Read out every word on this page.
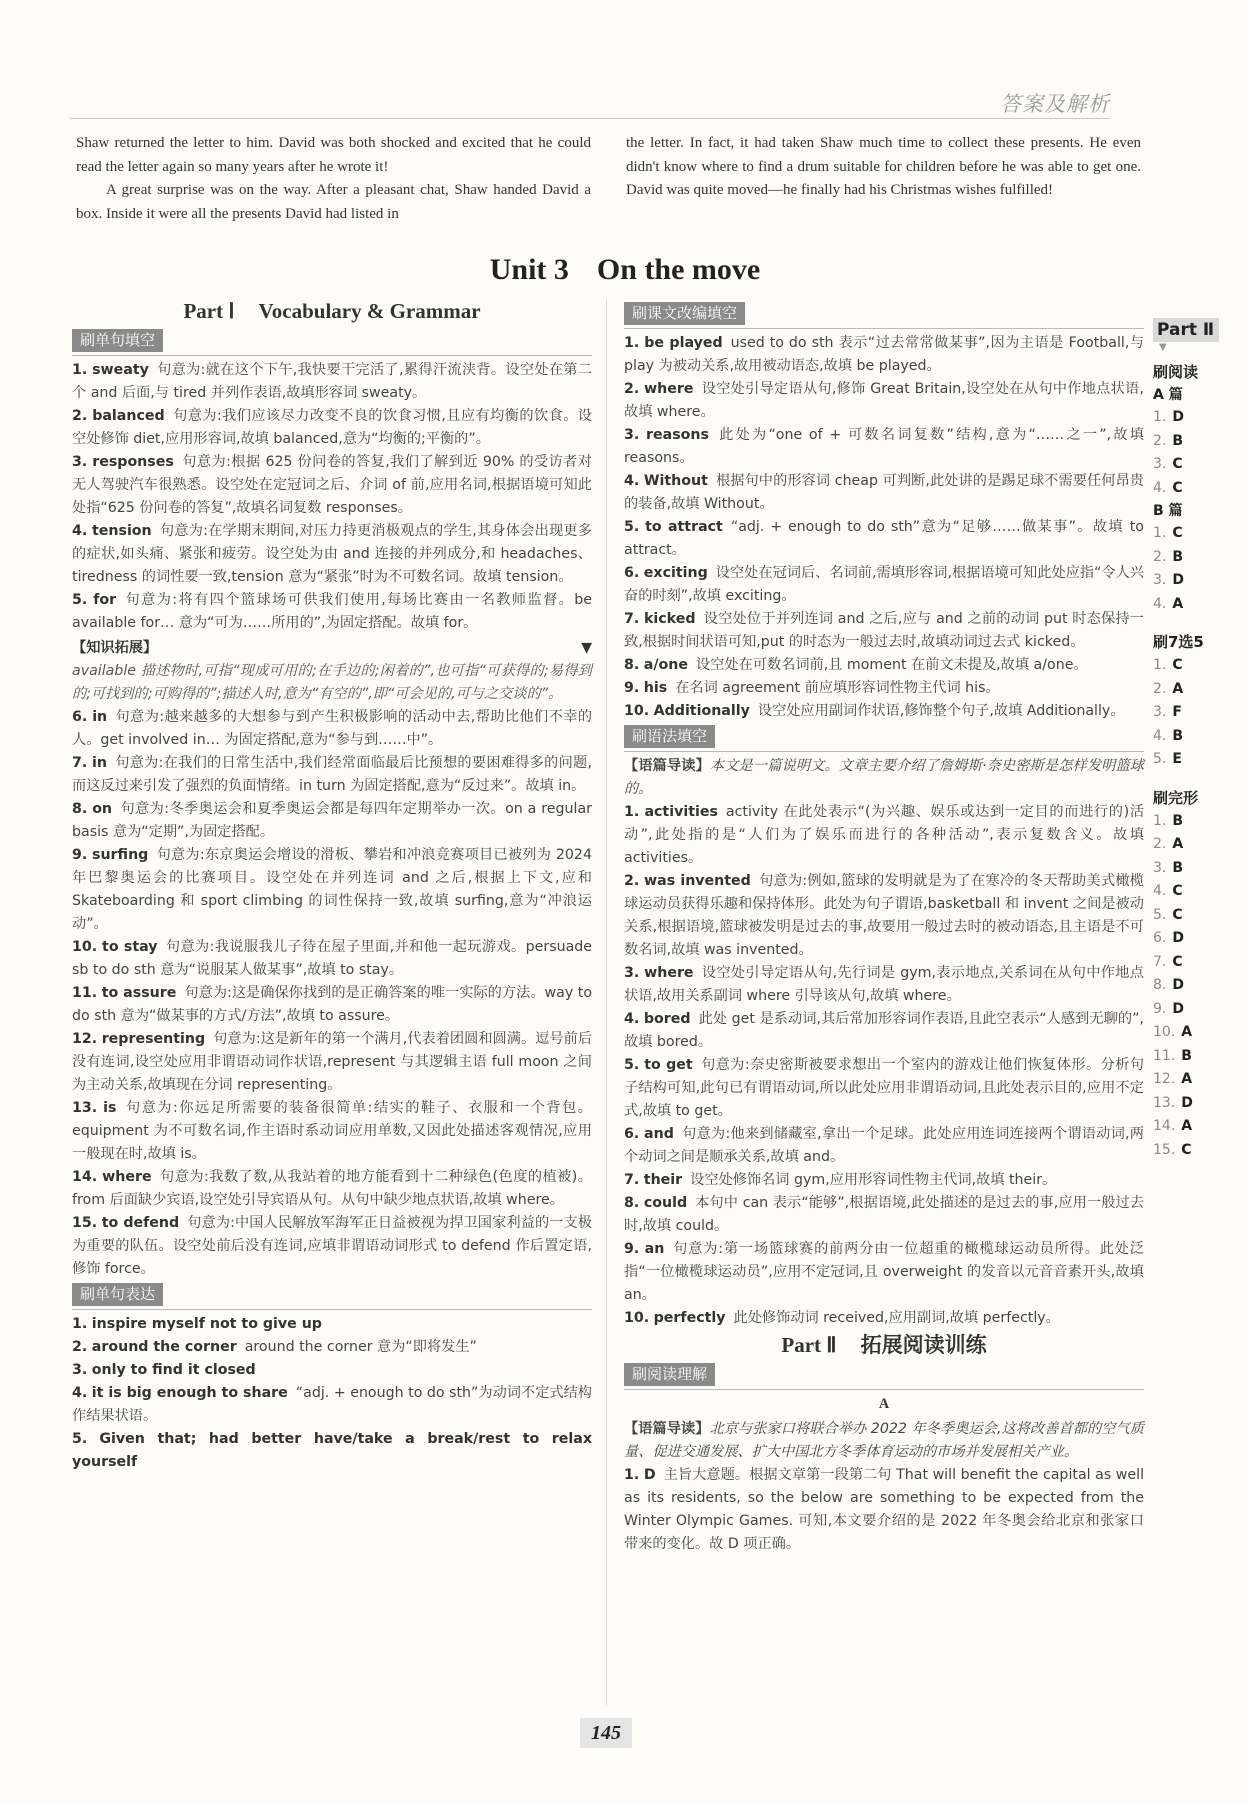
答案及解析

Shaw returned the letter to him. David was both shocked and excited that he could read the letter again so many years after he wrote it!

A great surprise was on the way. After a pleasant chat, Shaw handed David a box. Inside it were all the presents David had listed in

the letter. In fact, it had taken Shaw much time to collect these presents. He even didn't know where to find a drum suitable for children before he was able to get one. David was quite moved—he finally had his Christmas wishes fulfilled!

Unit 3 On the move
Part Ⅰ Vocabulary & Grammar
刷单句填空
1. sweaty 句意为:就在这个下午,我快要干完活了,累得汗流浃背。设空处在第二个 and 后面,与 tired 并列作表语,故填形容词 sweaty。
2. balanced 句意为:我们应该尽力改变不良的饮食习惯,且应有均衡的饮食。设空处修饰 diet,应用形容词,故填 balanced,意为“均衡的;平衡的”。
3. responses 句意为:根据 625 份问卷的答复,我们了解到近 90% 的受访者对无人驾驶汽车很熟悉。设空处在定冠词之后、介词 of 前,应用名词,根据语境可知此处指“625 份问卷的答复”,故填名词复数 responses。
4. tension 句意为:在学期末期间,对压力持更消极观点的学生,其身体会出现更多的症状,如头痛、紧张和疲劳。设空处为由 and 连接的并列成分,和 headaches、tiredness 的词性要一致,tension 意为“紧张”时为不可数名词。故填 tension。
5. for 句意为:将有四个篮球场可供我们使用,每场比赛由一名教师监督。be available for… 意为“可为……所用的”,为固定搭配。故填 for。
【知识拓展】	▼
available 描述物时,可指“现成可用的;在手边的;闲着的”,也可指“可获得的;易得到的;可找到的;可购得的”;描述人时,意为“有空的”,即“可会见的,可与之交谈的”。
6. in 句意为:越来越多的大想参与到产生积极影响的活动中去,帮助比他们不幸的人。get involved in… 为固定搭配,意为“参与到……中”。
7. in 句意为:在我们的日常生活中,我们经常面临最后比预想的要困难得多的问题,而这反过来引发了强烈的负面情绪。in turn 为固定搭配,意为“反过来”。故填 in。
8. on 句意为:冬季奥运会和夏季奥运会都是每四年定期举办一次。on a regular basis 意为“定期”,为固定搭配。
9. surfing 句意为:东京奥运会增设的滑板、攀岩和冲浪竞赛项目已被列为 2024 年巴黎奥运会的比赛项目。设空处在并列连词 and 之后,根据上下文,应和 Skateboarding 和 sport climbing 的词性保持一致,故填 surfing,意为“冲浪运动”。
10. to stay 句意为:我说服我儿子待在屋子里面,并和他一起玩游戏。persuade sb to do sth 意为“说服某人做某事”,故填 to stay。
11. to assure 句意为:这是确保你找到的是正确答案的唯一实际的方法。way to do sth 意为“做某事的方式/方法”,故填 to assure。
12. representing 句意为:这是新年的第一个满月,代表着团圆和圆满。逗号前后没有连词,设空处应用非谓语动词作状语,represent 与其逻辑主语 full moon 之间为主动关系,故填现在分词 representing。
13. is 句意为:你远足所需要的装备很简单:结实的鞋子、衣服和一个背包。equipment 为不可数名词,作主语时系动词应用单数,又因此处描述客观情况,应用一般现在时,故填 is。
14. where 句意为:我数了数,从我站着的地方能看到十二种绿色(色度的植被)。from 后面缺少宾语,设空处引导宾语从句。从句中缺少地点状语,故填 where。
15. to defend 句意为:中国人民解放军海军正日益被视为捍卫国家利益的一支极为重要的队伍。设空处前后没有连词,应填非谓语动词形式 to defend 作后置定语,修饰 force。
刷单句表达
1. inspire myself not to give up
2. around the corner around the corner 意为“即将发生”
3. only to find it closed
4. it is big enough to share “adj. + enough to do sth”为动词不定式结构作结果状语。
5. Given that; had better have/take a break/rest to relax yourself
刷课文改编填空
1. be played used to do sth 表示“过去常常做某事”,因为主语是 Football,与 play 为被动关系,故用被动语态,故填 be played。
2. where 设空处引导定语从句,修饰 Great Britain,设空处在从句中作地点状语,故填 where。
3. reasons 此处为“one of + 可数名词复数”结构,意为“……之一”,故填 reasons。
4. Without 根据句中的形容词 cheap 可判断,此处讲的是踢足球不需要任何昂贵的装备,故填 Without。
5. to attract “adj. + enough to do sth”意为“足够……做某事”。故填 to attract。
6. exciting 设空处在冠词后、名词前,需填形容词,根据语境可知此处应指“令人兴奋的时刻”,故填 exciting。
7. kicked 设空处位于并列连词 and 之后,应与 and 之前的动词 put 时态保持一致,根据时间状语可知,put 的时态为一般过去时,故填动词过去式 kicked。
8. a/one 设空处在可数名词前,且 moment 在前文未提及,故填 a/one。
9. his 在名词 agreement 前应填形容词性物主代词 his。
10. Additionally 设空处应用副词作状语,修饰整个句子,故填 Additionally。
刷语法填空
【语篇导读】本文是一篇说明文。文章主要介绍了詹姆斯·奈史密斯是怎样发明篮球的。
1. activities activity 在此处表示“(为兴趣、娱乐或达到一定目的而进行的)活动”,此处指的是“人们为了娱乐而进行的各种活动”,表示复数含义。故填 activities。
2. was invented 句意为:例如,篮球的发明就是为了在寒冷的冬天帮助美式橄榄球运动员获得乐趣和保持体形。此处为句子谓语,basketball 和 invent 之间是被动关系,根据语境,篮球被发明是过去的事,故要用一般过去时的被动语态,且主语是不可数名词,故填 was invented。
3. where 设空处引导定语从句,先行词是 gym,表示地点,关系词在从句中作地点状语,故用关系副词 where 引导该从句,故填 where。
4. bored 此处 get 是系动词,其后常加形容词作表语,且此空表示“人感到无聊的”,故填 bored。
5. to get 句意为:奈史密斯被要求想出一个室内的游戏让他们恢复体形。分析句子结构可知,此句已有谓语动词,所以此处应用非谓语动词,且此处表示目的,应用不定式,故填 to get。
6. and 句意为:他来到储藏室,拿出一个足球。此处应用连词连接两个谓语动词,两个动词之间是顺承关系,故填 and。
7. their 设空处修饰名词 gym,应用形容词性物主代词,故填 their。
8. could 本句中 can 表示“能够”,根据语境,此处描述的是过去的事,应用一般过去时,故填 could。
9. an 句意为:第一场篮球赛的前两分由一位超重的橄榄球运动员所得。此处泛指“一位橄榄球运动员”,应用不定冠词,且 overweight 的发音以元音音素开头,故填 an。
10. perfectly 此处修饰动词 received,应用副词,故填 perfectly。
Part Ⅱ 拓展阅读训练
刷阅读理解
A
【语篇导读】北京与张家口将联合举办 2022 年冬季奥运会,这将改善首都的空气质量、促进交通发展、扩大中国北方冬季体育运动的市场并发展相关产业。
1. D 主旨大意题。根据文章第一段第二句 That will benefit the capital as well as its residents, so the below are something to be expected from the Winter Olympic Games. 可知,本文要介绍的是 2022 年冬奥会给北京和张家口带来的变化。故 D 项正确。
Part Ⅱ
▼
刷阅读
A 篇
1. D
2. B
3. C
4. C
B 篇
1. C
2. B
3. D
4. A
刷7选5
1. C
2. A
3. F
4. B
5. E
刷完形
1. B
2. A
3. B
4. C
5. C
6. D
7. C
8. D
9. D
10. A
11. B
12. A
13. D
14. A
15. C
145
